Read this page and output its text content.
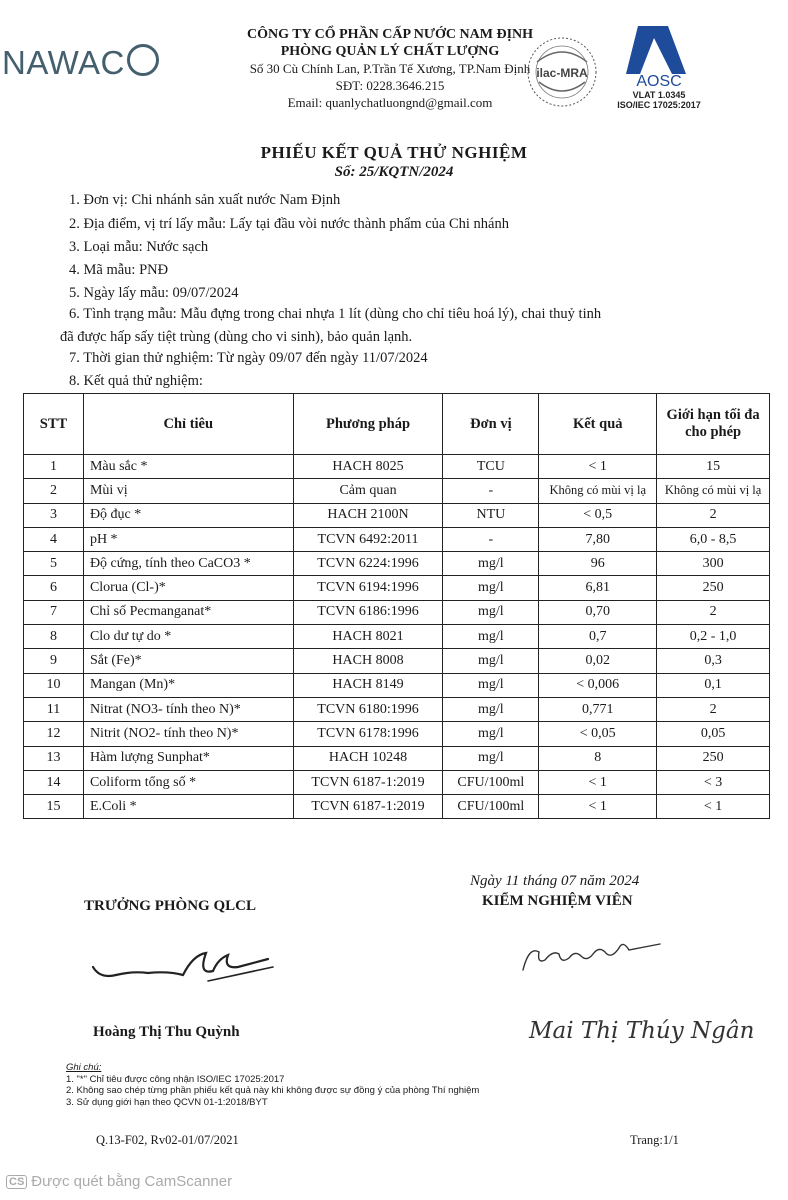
NAWAC
CÔNG TY CỔ PHẦN CẤP NƯỚC NAM ĐỊNH
PHÒNG QUẢN LÝ CHẤT LƯỢNG
Số 30 Cù Chính Lan, P.Trần Tế Xương, TP.Nam Định
SĐT: 0228.3646.215
Email: quanlychatluongnd@gmail.com
ilac-MRA	AOSC
VLAT 1.0345
ISO/IEC 17025:2017
PHIẾU KẾT QUẢ THỬ NGHIỆM
Số: 25/KQTN/2024
1. Đơn vị: Chi nhánh sản xuất nước Nam Định
2. Địa điểm, vị trí lấy mẫu: Lấy tại đầu vòi nước thành phẩm của Chi nhánh
3. Loại mẫu: Nước sạch
4. Mã mẫu: PNĐ
5. Ngày lấy mẫu: 09/07/2024
6. Tình trạng mẫu: Mẫu đựng trong chai nhựa 1 lít (dùng cho chỉ tiêu hoá lý), chai thuỷ tinh
đã được hấp sấy tiệt trùng (dùng cho vi sinh), bảo quản lạnh.
7. Thời gian thử nghiệm: Từ ngày 09/07 đến ngày 11/07/2024
8. Kết quả thử nghiệm:
STT	Chỉ tiêu	Phương pháp	Đơn vị	Kết quả	Giới hạn tối đa cho phép
1	Màu sắc *	HACH 8025	TCU	< 1	15
2	Mùi vị	Cảm quan	-	Không có mùi vị lạ	Không có mùi vị lạ
3	Độ đục *	HACH 2100N	NTU	< 0,5	2
4	pH *	TCVN 6492:2011	-	7,80	6,0 - 8,5
5	Độ cứng, tính theo CaCO3 *	TCVN 6224:1996	mg/l	96	300
6	Clorua (Cl-)*	TCVN 6194:1996	mg/l	6,81	250
7	Chỉ số Pecmanganat*	TCVN 6186:1996	mg/l	0,70	2
8	Clo dư tự do *	HACH 8021	mg/l	0,7	0,2 - 1,0
9	Sắt (Fe)*	HACH 8008	mg/l	0,02	0,3
10	Mangan (Mn)*	HACH 8149	mg/l	< 0,006	0,1
11	Nitrat (NO3- tính theo N)*	TCVN 6180:1996	mg/l	0,771	2
12	Nitrit (NO2- tính theo N)*	TCVN 6178:1996	mg/l	< 0,05	0,05
13	Hàm lượng Sunphat*	HACH 10248	mg/l	8	250
14	Coliform tổng số *	TCVN 6187-1:2019	CFU/100ml	< 1	< 3
15	E.Coli *	TCVN 6187-1:2019	CFU/100ml	< 1	< 1
Ngày 11 tháng 07 năm 2024
TRƯỞNG PHÒNG QLCL	KIỂM NGHIỆM VIÊN
Mai Thị Thúy Ngân
Hoàng Thị Thu Quỳnh
Ghi chú:
1. "*" Chỉ tiêu được công nhận ISO/IEC 17025:2017
2. Không sao chép từng phần phiếu kết quả này khi không được sự đồng ý của phòng Thí nghiệm
3. Sử dụng giới hạn theo QCVN 01-1:2018/BYT
Q.13-F02, Rv02-01/07/2021	Trang:1/1
CS Được quét bằng CamScanner
